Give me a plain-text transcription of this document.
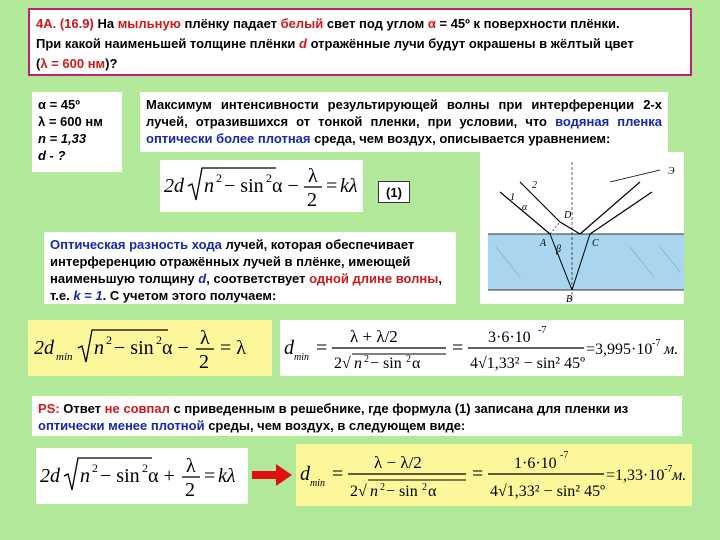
4А. (16.9) На мыльную плёнку падает белый свет под углом α = 45º к поверхности плёнки.
При какой наименьшей толщине плёнки d отражённые лучи будут окрашены в жёлтый цвет
(λ = 600 нм)?
α = 45º
λ = 600 нм
n = 1,33
d - ?
Максимум интенсивности результирующей волны при интерференции 2-х лучей, отразившихся от тонкой пленки, при условии, что водяная пленка оптически более плотная среда, чем воздух, описывается уравнением:
2d n 2 − sin 2 α − λ
2
= kλ	(1)
α
β
D
A	C
B
1
2
Э
Оптическая разность хода лучей, которая обеспечивает интерференцию отражённых лучей в плёнке, имеющей наименьшую толщину d, соответствует одной длине волны, т.е. k = 1. С учетом этого получаем:
2d min n 2 − sin 2 α − λ
2
= λ d min =
λ + λ/2
2√ n 2 − sin 2 α
= 3·6·10 -7
4√1,33² − sin² 45º
=3,995·10 -7 м.
PS: Ответ не совпал с приведенным в решебнике, где формула (1) записана для пленки из оптически менее плотной среды, чем воздух, в следующем виде:
2d n 2 − sin 2 α + λ
2
= kλ	d min =
λ − λ/2
2√ n 2 − sin 2 α
= 1·6·10 -7
4√1,33² − sin² 45º
=1,33·10 -7 м.
